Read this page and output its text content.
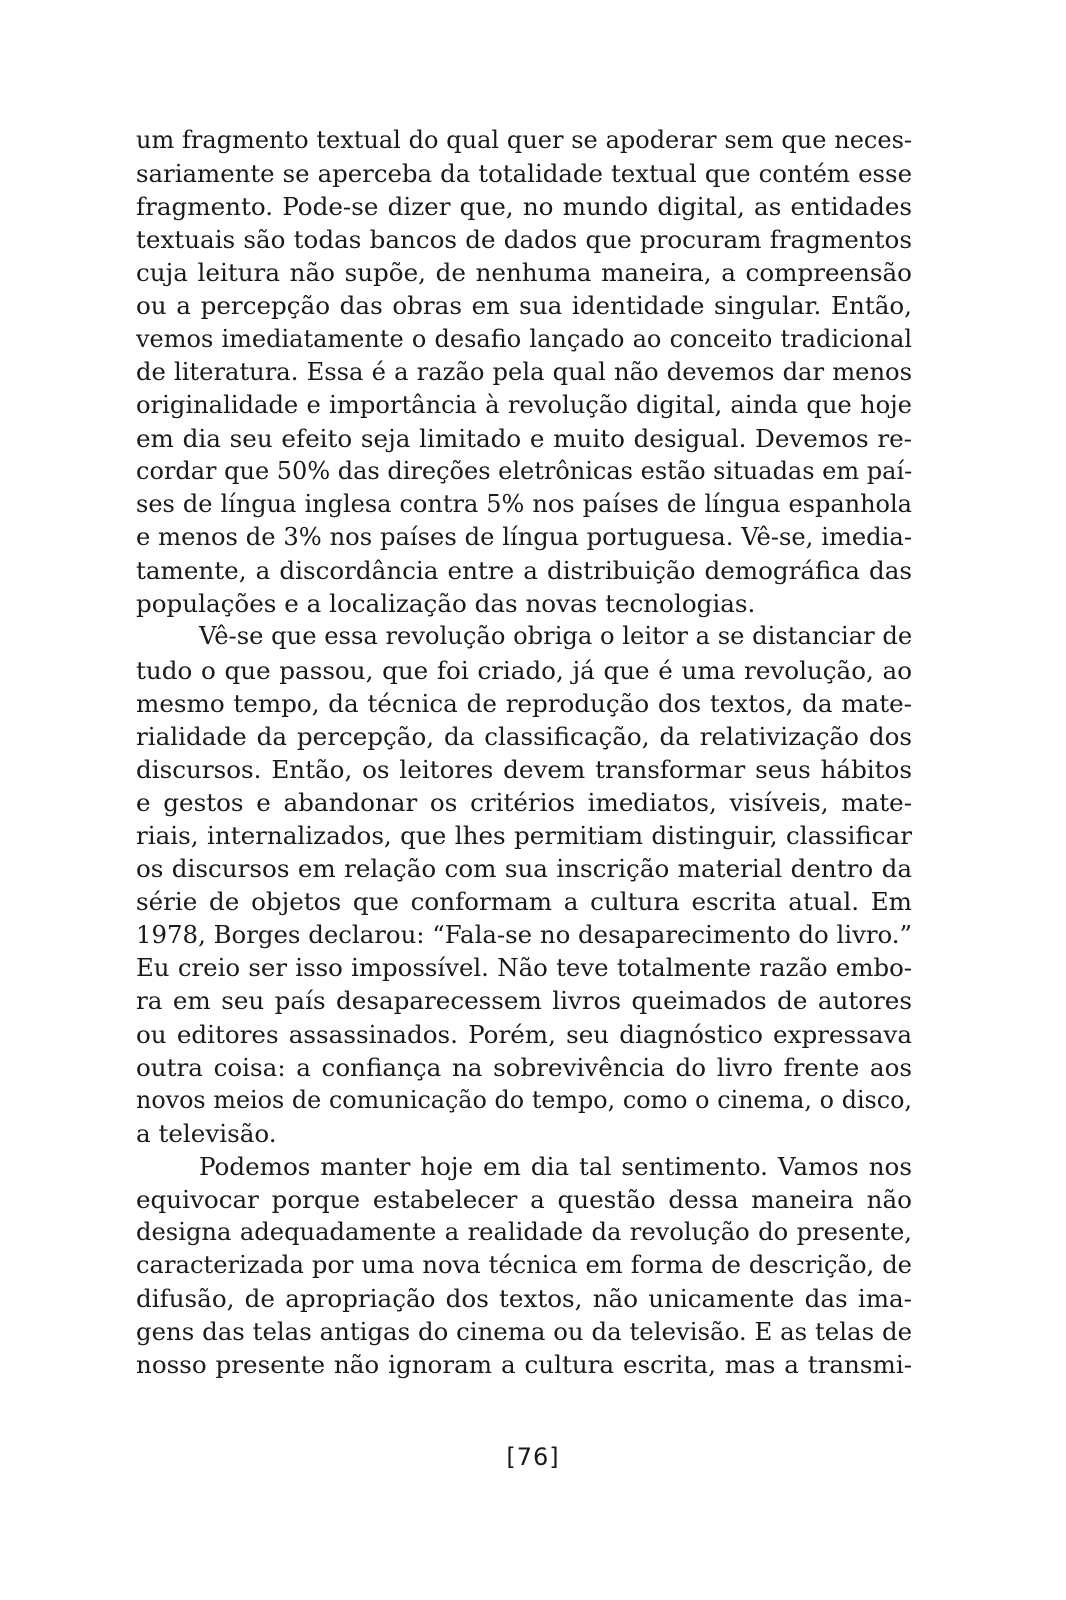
um fragmento textual do qual quer se apoderar sem que neces-
sariamente se aperceba da totalidade textual que contém esse
fragmento. Pode-se dizer que, no mundo digital, as entidades
textuais são todas bancos de dados que procuram fragmentos
cuja leitura não supõe, de nenhuma maneira, a compreensão
ou a percepção das obras em sua identidade singular. Então,
vemos imediatamente o desafio lançado ao conceito tradicional
de literatura. Essa é a razão pela qual não devemos dar menos
originalidade e importância à revolução digital, ainda que hoje
em dia seu efeito seja limitado e muito desigual. Devemos re-
cordar que 50% das direções eletrônicas estão situadas em paí-
ses de língua inglesa contra 5% nos países de língua espanhola
e menos de 3% nos países de língua portuguesa. Vê-se, imedia-
tamente, a discordância entre a distribuição demográfica das
populações e a localização das novas tecnologias.
Vê-se que essa revolução obriga o leitor a se distanciar de
tudo o que passou, que foi criado, já que é uma revolução, ao
mesmo tempo, da técnica de reprodução dos textos, da mate-
rialidade da percepção, da classificação, da relativização dos
discursos. Então, os leitores devem transformar seus hábitos
e gestos e abandonar os critérios imediatos, visíveis, mate-
riais, internalizados, que lhes permitiam distinguir, classificar
os discursos em relação com sua inscrição material dentro da
série de objetos que conformam a cultura escrita atual. Em
1978, Borges declarou: “Fala-se no desaparecimento do livro.”
Eu creio ser isso impossível. Não teve totalmente razão embo-
ra em seu país desaparecessem livros queimados de autores
ou editores assassinados. Porém, seu diagnóstico expressava
outra coisa: a confiança na sobrevivência do livro frente aos
novos meios de comunicação do tempo, como o cinema, o disco,
a televisão.
Podemos manter hoje em dia tal sentimento. Vamos nos
equivocar porque estabelecer a questão dessa maneira não
designa adequadamente a realidade da revolução do presente,
caracterizada por uma nova técnica em forma de descrição, de
difusão, de apropriação dos textos, não unicamente das ima-
gens das telas antigas do cinema ou da televisão. E as telas de
nosso presente não ignoram a cultura escrita, mas a transmi-
[76]
